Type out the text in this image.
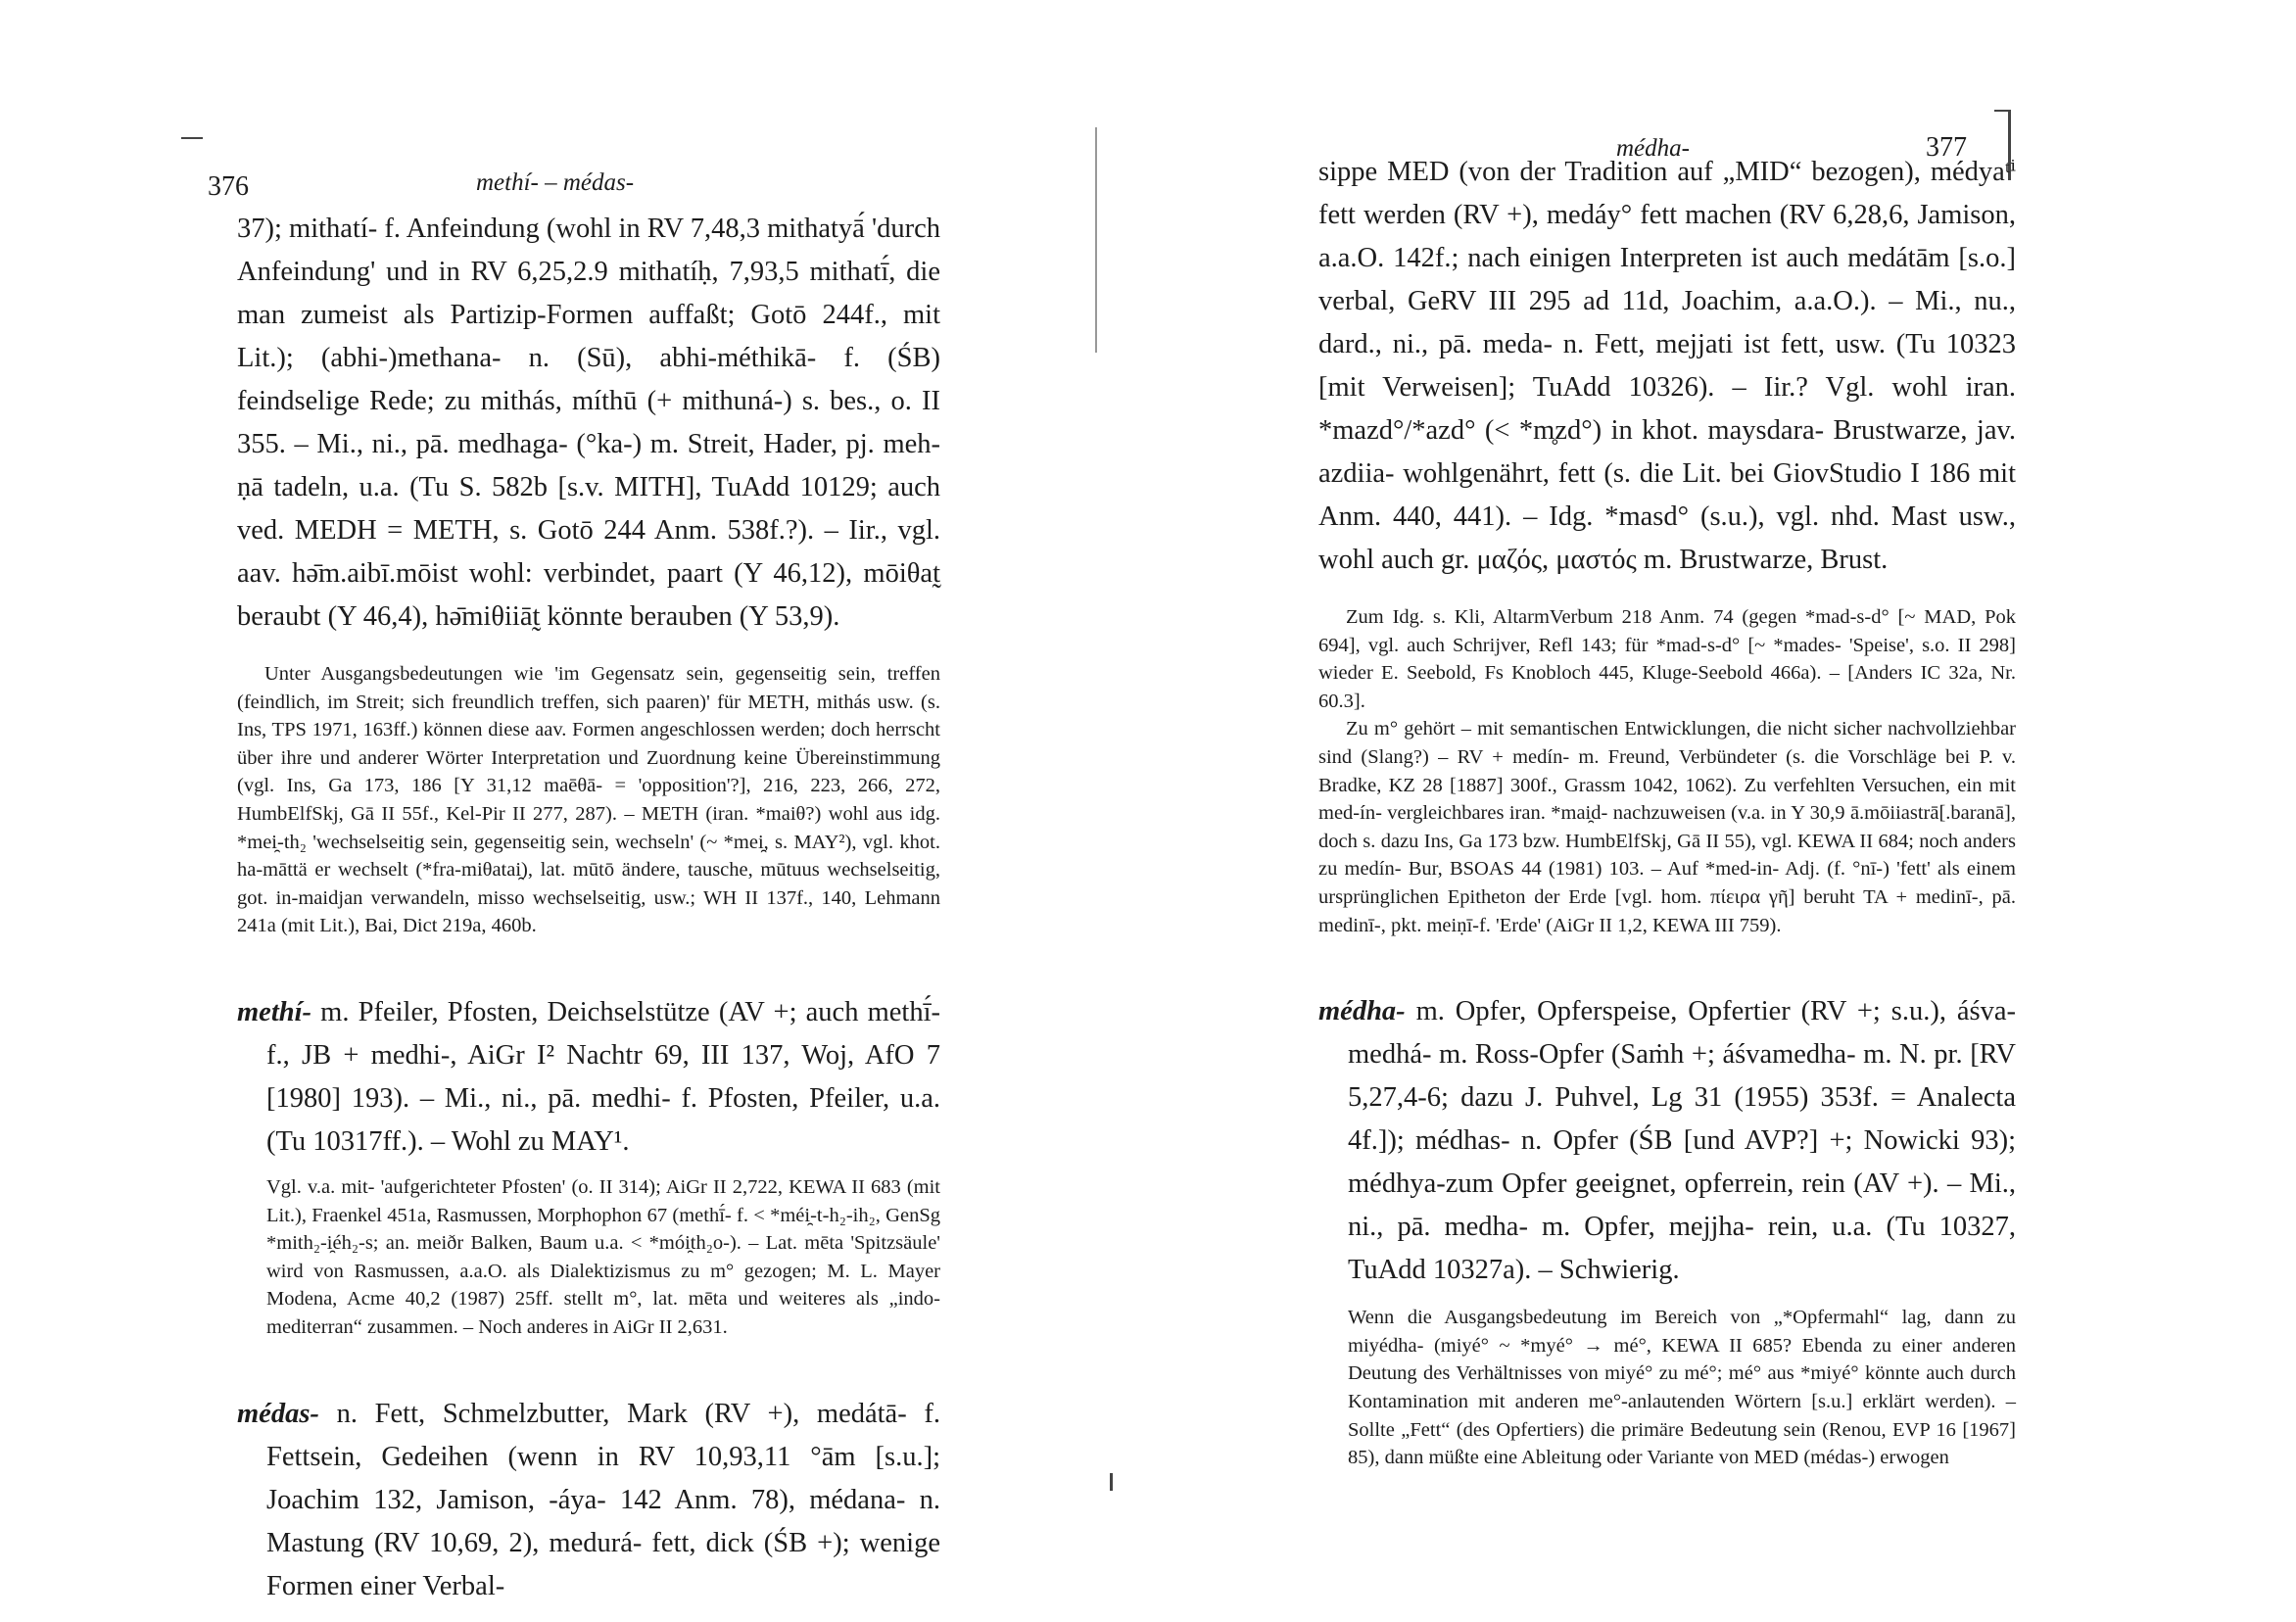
376	methí- – médas-

37); mithatí- f. Anfeindung (wohl in RV 7,48,3 mithatyā́ 'durch Anfeindung' und in RV 6,25,2.9 mithatíḥ, 7,93,5 mithatī́, die man zumeist als Partizip-Formen auffaßt; Gotō 244f., mit Lit.); (abhi-)methana- n. (Sū), abhi-méthikā- f. (ŚB) feindselige Rede; zu mithás, míthū (+ mithuná-) s. bes., o. II 355. – Mi., ni., pā. medhaga- (°ka-) m. Streit, Hader, pj. meh-ṇā tadeln, u.a. (Tu S. 582b [s.v. MITH], TuAdd 10129; auch ved. MEDH = METH, s. Gotō 244 Anm. 538f.?). – Iir., vgl. aav. hə̄m.aibī.mōist wohl: verbindet, paart (Y 46,12), mōiθat̰ beraubt (Y 46,4), hə̄miθiiāt̰ könnte berauben (Y 53,9).

Unter Ausgangsbedeutungen wie 'im Gegensatz sein, gegenseitig sein, treffen (feindlich, im Streit; sich freundlich treffen, sich paaren)' für METH, mithás usw. (s. Ins, TPS 1971, 163ff.) können diese aav. Formen angeschlossen werden; doch herrscht über ihre und anderer Wörter Interpretation und Zuordnung keine Übereinstimmung (vgl. Ins, Ga 173, 186 [Y 31,12 maēθā- = 'opposition'?], 216, 223, 266, 272, HumbElfSkj, Gā II 55f., Kel-Pir II 277, 287). – METH (iran. *maiθ?) wohl aus idg. *mei̯-th₂ 'wechselseitig sein, gegenseitig sein, wechseln' (~ *mei̯, s. MAY²), vgl. khot. ha-māttä er wechselt (*fra-miθatai̯), lat. mūtō ändere, tausche, mūtuus wechselseitig, got. in-maidjan verwandeln, misso wechselseitig, usw.; WH II 137f., 140, Lehmann 241a (mit Lit.), Bai, Dict 219a, 460b.

methí- m. Pfeiler, Pfosten, Deichselstütze (AV +; auch methī́- f., JB + medhi-, AiGr I² Nachtr 69, III 137, Woj, AfO 7 [1980] 193). – Mi., ni., pā. medhi- f. Pfosten, Pfeiler, u.a. (Tu 10317ff.). – Wohl zu MAY¹.

Vgl. v.a. mit- 'aufgerichteter Pfosten' (o. II 314); AiGr II 2,722, KEWA II 683 (mit Lit.), Fraenkel 451a, Rasmussen, Morphophon 67 (methī́- f. < *méi̯-t-h₂-ih₂, GenSg *mith₂-i̯éh₂-s; an. meiðr Balken, Baum u.a. < *mói̯th₂o-). – Lat. mēta 'Spitzsäule' wird von Rasmussen, a.a.O. als Dialektizismus zu m° gezogen; M. L. Mayer Modena, Acme 40,2 (1987) 25ff. stellt m°, lat. mēta und weiteres als „indo-mediterran“ zusammen. – Noch anderes in AiGr II 2,631.

médas- n. Fett, Schmelzbutter, Mark (RV +), medátā- f. Fettsein, Gedeihen (wenn in RV 10,93,11 °ām [s.u.]; Joachim 132, Jamison, -áya- 142 Anm. 78), médana- n. Mastung (RV 10,69, 2), medurá- fett, dick (ŚB +); wenige Formen einer Verbal-

médha-	377

sippe MED (von der Tradition auf „MID“ bezogen), médyaᵗⁱ fett werden (RV +), medáy° fett machen (RV 6,28,6, Jamison, a.a.O. 142f.; nach einigen Interpreten ist auch medátām [s.o.] verbal, GeRV III 295 ad 11d, Joachim, a.a.O.). – Mi., nu., dard., ni., pā. meda- n. Fett, mejjati ist fett, usw. (Tu 10323 [mit Verweisen]; TuAdd 10326). – Iir.? Vgl. wohl iran. *mazd°/*azd° (< *m̥zd°) in khot. maysdara- Brustwarze, jav. azdiia- wohlgenährt, fett (s. die Lit. bei GiovStudio I 186 mit Anm. 440, 441). – Idg. *masd° (s.u.), vgl. nhd. Mast usw., wohl auch gr. μαζός, μαστός m. Brustwarze, Brust.

Zum Idg. s. Kli, AltarmVerbum 218 Anm. 74 (gegen *mad-s-d° [~ MAD, Pok 694], vgl. auch Schrijver, Refl 143; für *mad-s-d° [~ *mades- 'Speise', s.o. II 298] wieder E. Seebold, Fs Knobloch 445, Kluge-Seebold 466a). – [Anders IC 32a, Nr. 60.3].

Zu m° gehört – mit semantischen Entwicklungen, die nicht sicher nachvollziehbar sind (Slang?) – RV + medín- m. Freund, Verbündeter (s. die Vorschläge bei P. v. Bradke, KZ 28 [1887] 300f., Grassm 1042, 1062). Zu verfehlten Versuchen, ein mit med-ín- vergleichbares iran. *mai̯d- nachzuweisen (v.a. in Y 30,9 ā.mōiiastrā[.baranā], doch s. dazu Ins, Ga 173 bzw. HumbElfSkj, Gā II 55), vgl. KEWA II 684; noch anders zu medín- Bur, BSOAS 44 (1981) 103. – Auf *med-in- Adj. (f. °nī-) 'fett' als einem ursprünglichen Epitheton der Erde [vgl. hom. πίειρα γῆ] beruht TA + medinī-, pā. medinī-, pkt. meiṇī-f. 'Erde' (AiGr II 1,2, KEWA III 759).

médha- m. Opfer, Opferspeise, Opfertier (RV +; s.u.), áśva-medhá- m. Ross-Opfer (Saṁh +; áśvamedha- m. N. pr. [RV 5,27,4-6; dazu J. Puhvel, Lg 31 (1955) 353f. = Analecta 4f.]); médhas- n. Opfer (ŚB [und AVP?] +; Nowicki 93); médhya-zum Opfer geeignet, opferrein, rein (AV +). – Mi., ni., pā. medha- m. Opfer, mejjha- rein, u.a. (Tu 10327, TuAdd 10327a). – Schwierig.

Wenn die Ausgangsbedeutung im Bereich von „*Opfermahl“ lag, dann zu miyédha- (miyé° ~ *myé° → mé°, KEWA II 685? Ebenda zu einer anderen Deutung des Verhältnisses von miyé° zu mé°; mé° aus *miyé° könnte auch durch Kontamination mit anderen me°-anlautenden Wörtern [s.u.] erklärt werden). – Sollte „Fett“ (des Opfertiers) die primäre Bedeutung sein (Renou, EVP 16 [1967] 85), dann müßte eine Ableitung oder Variante von MED (médas-) erwogen
